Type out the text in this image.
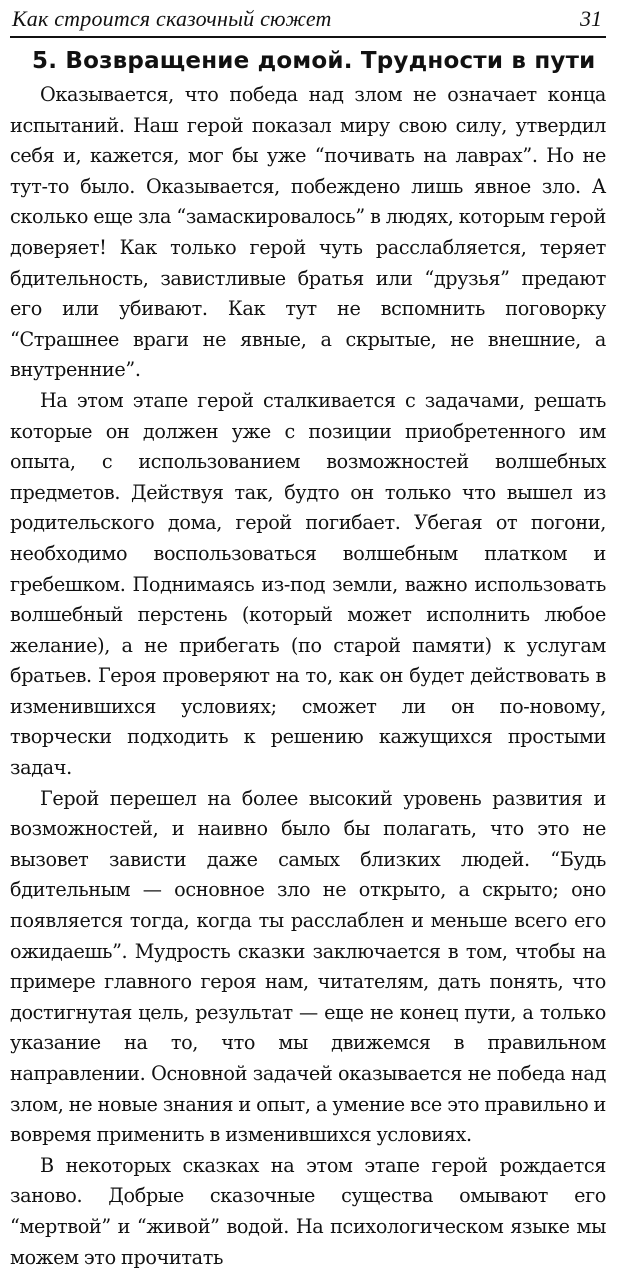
Как строится сказочный сюжет	31
5. Возвращение домой. Трудности в пути

Оказывается, что победа над злом не означает конца испытаний. Наш герой показал миру свою силу, утвердил себя и, кажется, мог бы уже “почивать на лаврах”. Но не тут-то было. Оказывается, побеждено лишь явное зло. А сколько еще зла “замаскировалось” в людях, которым герой доверяет! Как только герой чуть расслабляется, теряет бдительность, завистливые братья или “друзья” предают его или убивают. Как тут не вспомнить поговорку “Страшнее враги не явные, а скрытые, не внешние, а внутренние”.

На этом этапе герой сталкивается с задачами, решать которые он должен уже с позиции приобретенного им опыта, с использованием возможностей волшебных предметов. Действуя так, будто он только что вышел из родительского дома, герой погибает. Убегая от погони, необходимо воспользоваться волшебным платком и гребешком. Поднимаясь из-под земли, важно использовать волшебный перстень (который может исполнить любое желание), а не прибегать (по старой памяти) к услугам братьев. Героя проверяют на то, как он будет действовать в изменившихся условиях; сможет ли он по-новому, творчески подходить к решению кажущихся простыми задач.

Герой перешел на более высокий уровень развития и возможностей, и наивно было бы полагать, что это не вызовет зависти даже самых близких людей. “Будь бдительным — основное зло не открыто, а скрыто; оно появляется тогда, когда ты расслаблен и меньше всего его ожидаешь”. Мудрость сказки заключается в том, чтобы на примере главного героя нам, читателям, дать понять, что достигнутая цель, результат — еще не конец пути, а только указание на то, что мы движемся в правильном направлении. Основной задачей оказывается не победа над злом, не новые знания и опыт, а умение все это правильно и вовремя применить в изменившихся условиях.

В некоторых сказках на этом этапе герой рождается заново. Добрые сказочные существа омывают его “мертвой” и “живой” водой. На психологическом языке мы можем это прочитать
